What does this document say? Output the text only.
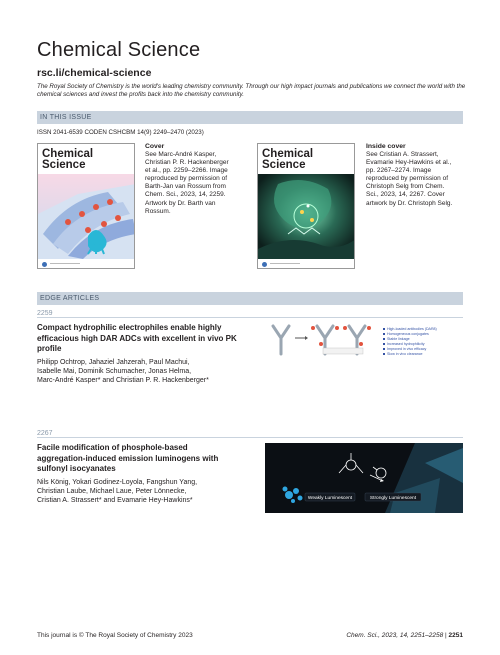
Chemical Science
rsc.li/chemical-science
The Royal Society of Chemistry is the world's leading chemistry community. Through our high impact journals and publications we connect the world with the chemical sciences and invest the profits back into the chemistry community.
IN THIS ISSUE
ISSN 2041-6539 CODEN CSHCBM 14(9) 2249–2470 (2023)
Chemical
Science
Cover
See Marc-André Kasper,
Christian P. R. Hackenberger
et al., pp. 2259–2266. Image
reproduced by permission of
Barth-Jan van Rossum from
Chem. Sci., 2023, 14, 2259.
Artwork by Dr. Barth van
Rossum.
Chemical
Science
Inside cover
See Cristian A. Strassert,
Evamarie Hey-Hawkins et al.,
pp. 2267–2274. Image
reproduced by permission of
Christoph Selg from Chem.
Sci., 2023, 14, 2267. Cover
artwork by Dr. Christoph Selg.
EDGE ARTICLES
2259
Compact hydrophilic electrophiles enable highly
efficacious high DAR ADCs with excellent in vivo PK
profile
Philipp Ochtrop, Jahaziel Jahzerah, Paul Machui,
Isabelle Mai, Dominik Schumacher, Jonas Helma,
Marc-André Kasper* and Christian P. R. Hackenberger*
High-loaded antibodies (DAR8)
Homogeneous conjugates
Stable linkage
Increased hydrophilicity
Improved in vivo efficacy
Slow in vivo clearance
2267
Facile modification of phosphole-based
aggregation-induced emission luminogens with
sulfonyl isocyanates
Nils König, Yokari Godinez-Loyola, Fangshun Yang,
Christian Laube, Michael Laue, Peter Lönnecke,
Cristian A. Strassert* and Evamarie Hey-Hawkins*	Weakly Luminescent	Strongly Luminescent
This journal is © The Royal Society of Chemistry 2023	Chem. Sci., 2023, 14, 2251–2258 | 2251
